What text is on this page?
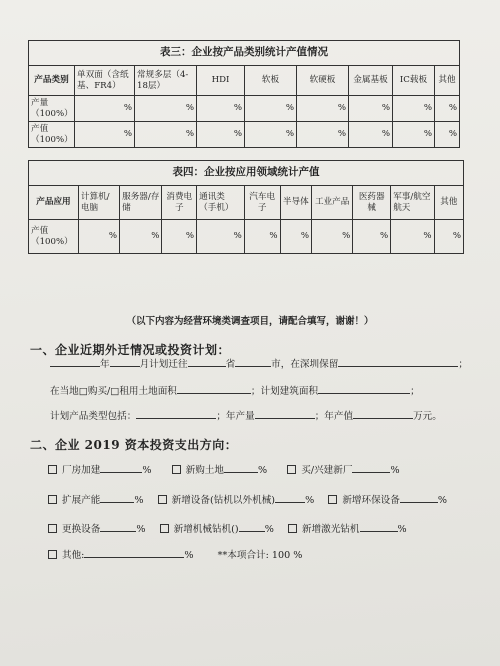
表三：企业按产品类别统计产值情况								
产品类别	单双面（含纸基、FR4）	常规多层（4-18层）	HDI	软板	软硬板	金属基板	IC载板	其他
产量（100%）	%	%	%	%	%	%	%	%
产值（100%）	%	%	%	%	%	%	%	%
表四：企业按应用领域统计产值										
产品应用	计算机/电脑	服务器/存储	消费电子	通讯类（手机）	汽车电子	半导体	工业产品	医药器械	军事/航空航天	其他
产值（100%）	%	%	%	%	%	%	%	%	%	%
（以下内容为经营环境类调查项目，请配合填写，谢谢！）
一、企业近期外迁情况或投资计划：
年	月计划迁往	省	市，在深圳保留	；
在当地□购买/□租用土地面积	；计划建筑面积	；
计划产品类型包括：	；年产量	；年产值	万元。
二、企业 2019 资本投资支出方向：
厂房加建	%	新购土地	%	买/兴建新厂	%
扩展产能	%	新增设备(钻机以外机械)	%	新增环保设备	%
更换设备	%	新增机械钻机()	%	新增激光钻机	%
其他:	%	**本项合计: 100 %
